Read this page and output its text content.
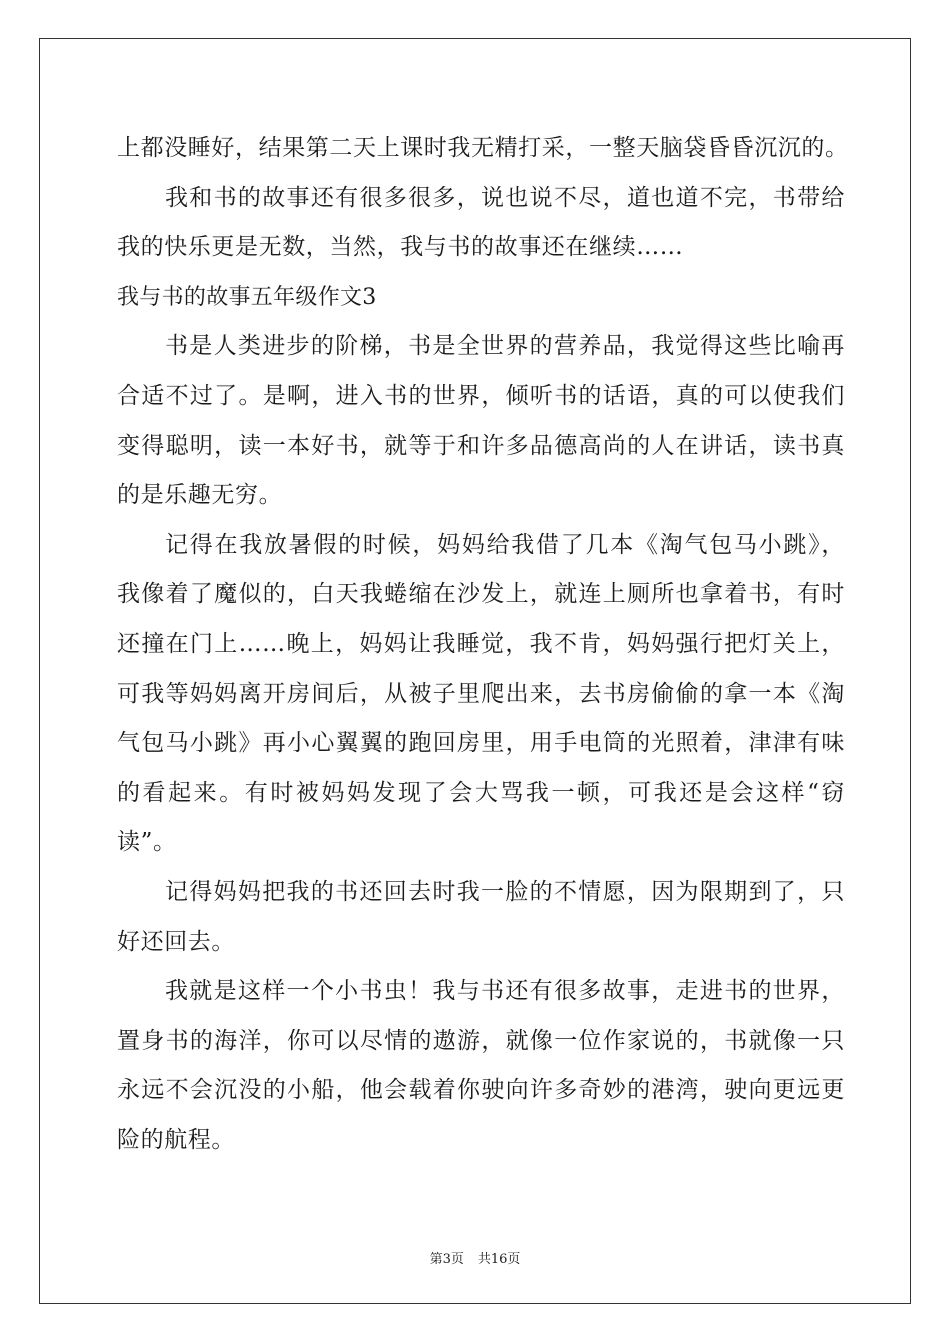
上都没睡好，结果第二天上课时我无精打采，一整天脑袋昏昏沉沉的。
我和书的故事还有很多很多，说也说不尽，道也道不完，书带给
我的快乐更是无数，当然，我与书的故事还在继续……
我与书的故事五年级作文3
书是人类进步的阶梯，书是全世界的营养品，我觉得这些比喻再
合适不过了。是啊，进入书的世界，倾听书的话语，真的可以使我们
变得聪明，读一本好书，就等于和许多品德高尚的人在讲话，读书真
的是乐趣无穷。
记得在我放暑假的时候，妈妈给我借了几本《淘气包马小跳》，
我像着了魔似的，白天我蜷缩在沙发上，就连上厕所也拿着书，有时
还撞在门上……晚上，妈妈让我睡觉，我不肯，妈妈强行把灯关上，
可我等妈妈离开房间后，从被子里爬出来，去书房偷偷的拿一本《淘
气包马小跳》再小心翼翼的跑回房里，用手电筒的光照着，津津有味
的看起来。有时被妈妈发现了会大骂我一顿，可我还是会这样“窃
读”。
记得妈妈把我的书还回去时我一脸的不情愿，因为限期到了，只
好还回去。
我就是这样一个小书虫！我与书还有很多故事，走进书的世界，
置身书的海洋，你可以尽情的遨游，就像一位作家说的，书就像一只
永远不会沉没的小船，他会载着你驶向许多奇妙的港湾，驶向更远更
险的航程。
第3页 共16页
